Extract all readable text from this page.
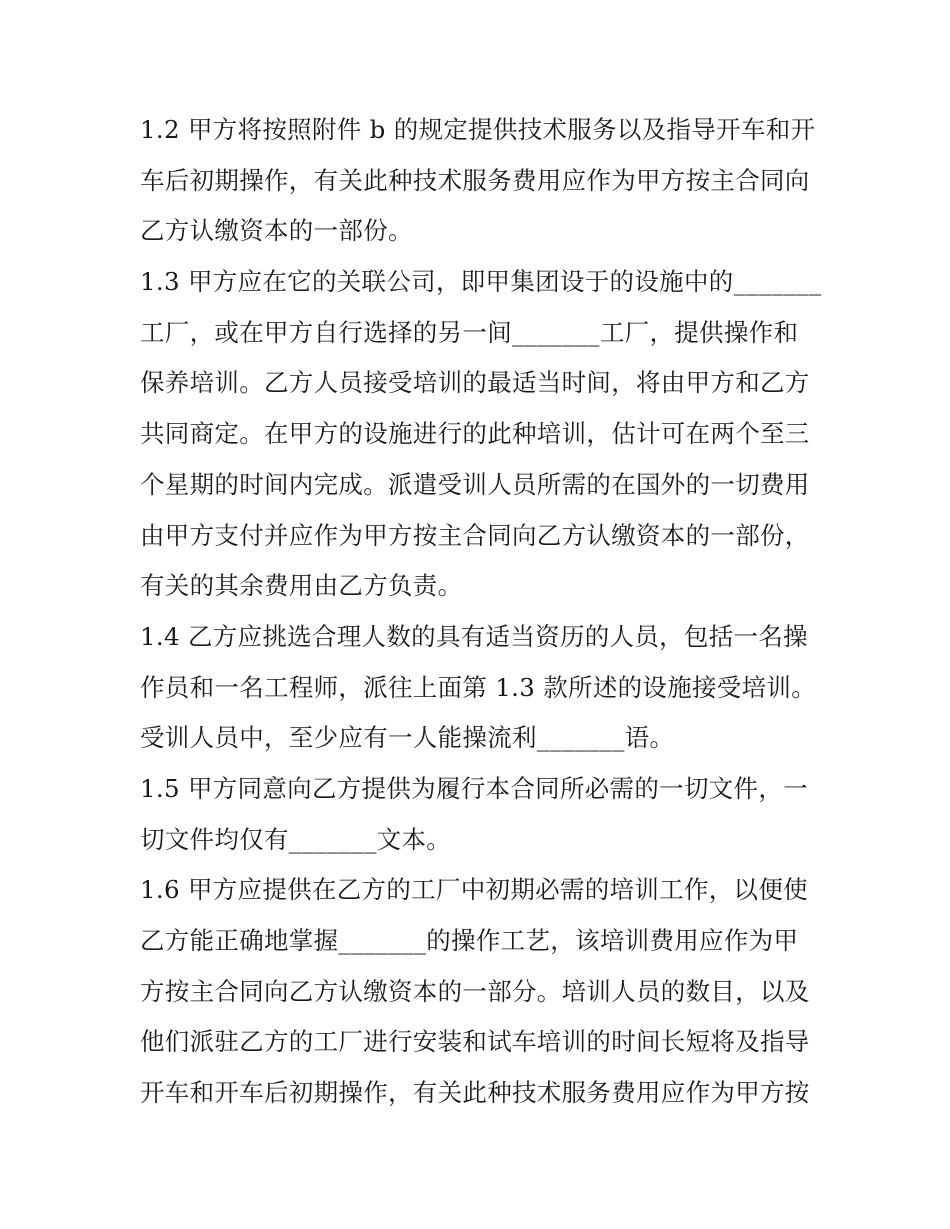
1.2 甲方将按照附件 b 的规定提供技术服务以及指导开车和开
车后初期操作，有关此种技术服务费用应作为甲方按主合同向
乙方认缴资本的一部份。
1.3 甲方应在它的关联公司，即甲集团设于的设施中的_______
工厂，或在甲方自行选择的另一间_______工厂，提供操作和
保养培训。乙方人员接受培训的最适当时间，将由甲方和乙方
共同商定。在甲方的设施进行的此种培训，估计可在两个至三
个星期的时间内完成。派遣受训人员所需的在国外的一切费用
由甲方支付并应作为甲方按主合同向乙方认缴资本的一部份，
有关的其余费用由乙方负责。
1.4 乙方应挑选合理人数的具有适当资历的人员，包括一名操
作员和一名工程师，派往上面第 1.3 款所述的设施接受培训。
受训人员中，至少应有一人能操流利_______语。
1.5 甲方同意向乙方提供为履行本合同所必需的一切文件，一
切文件均仅有_______文本。
1.6 甲方应提供在乙方的工厂中初期必需的培训工作，以便使
乙方能正确地掌握_______的操作工艺，该培训费用应作为甲
方按主合同向乙方认缴资本的一部分。培训人员的数目，以及
他们派驻乙方的工厂进行安装和试车培训的时间长短将及指导
开车和开车后初期操作，有关此种技术服务费用应作为甲方按
